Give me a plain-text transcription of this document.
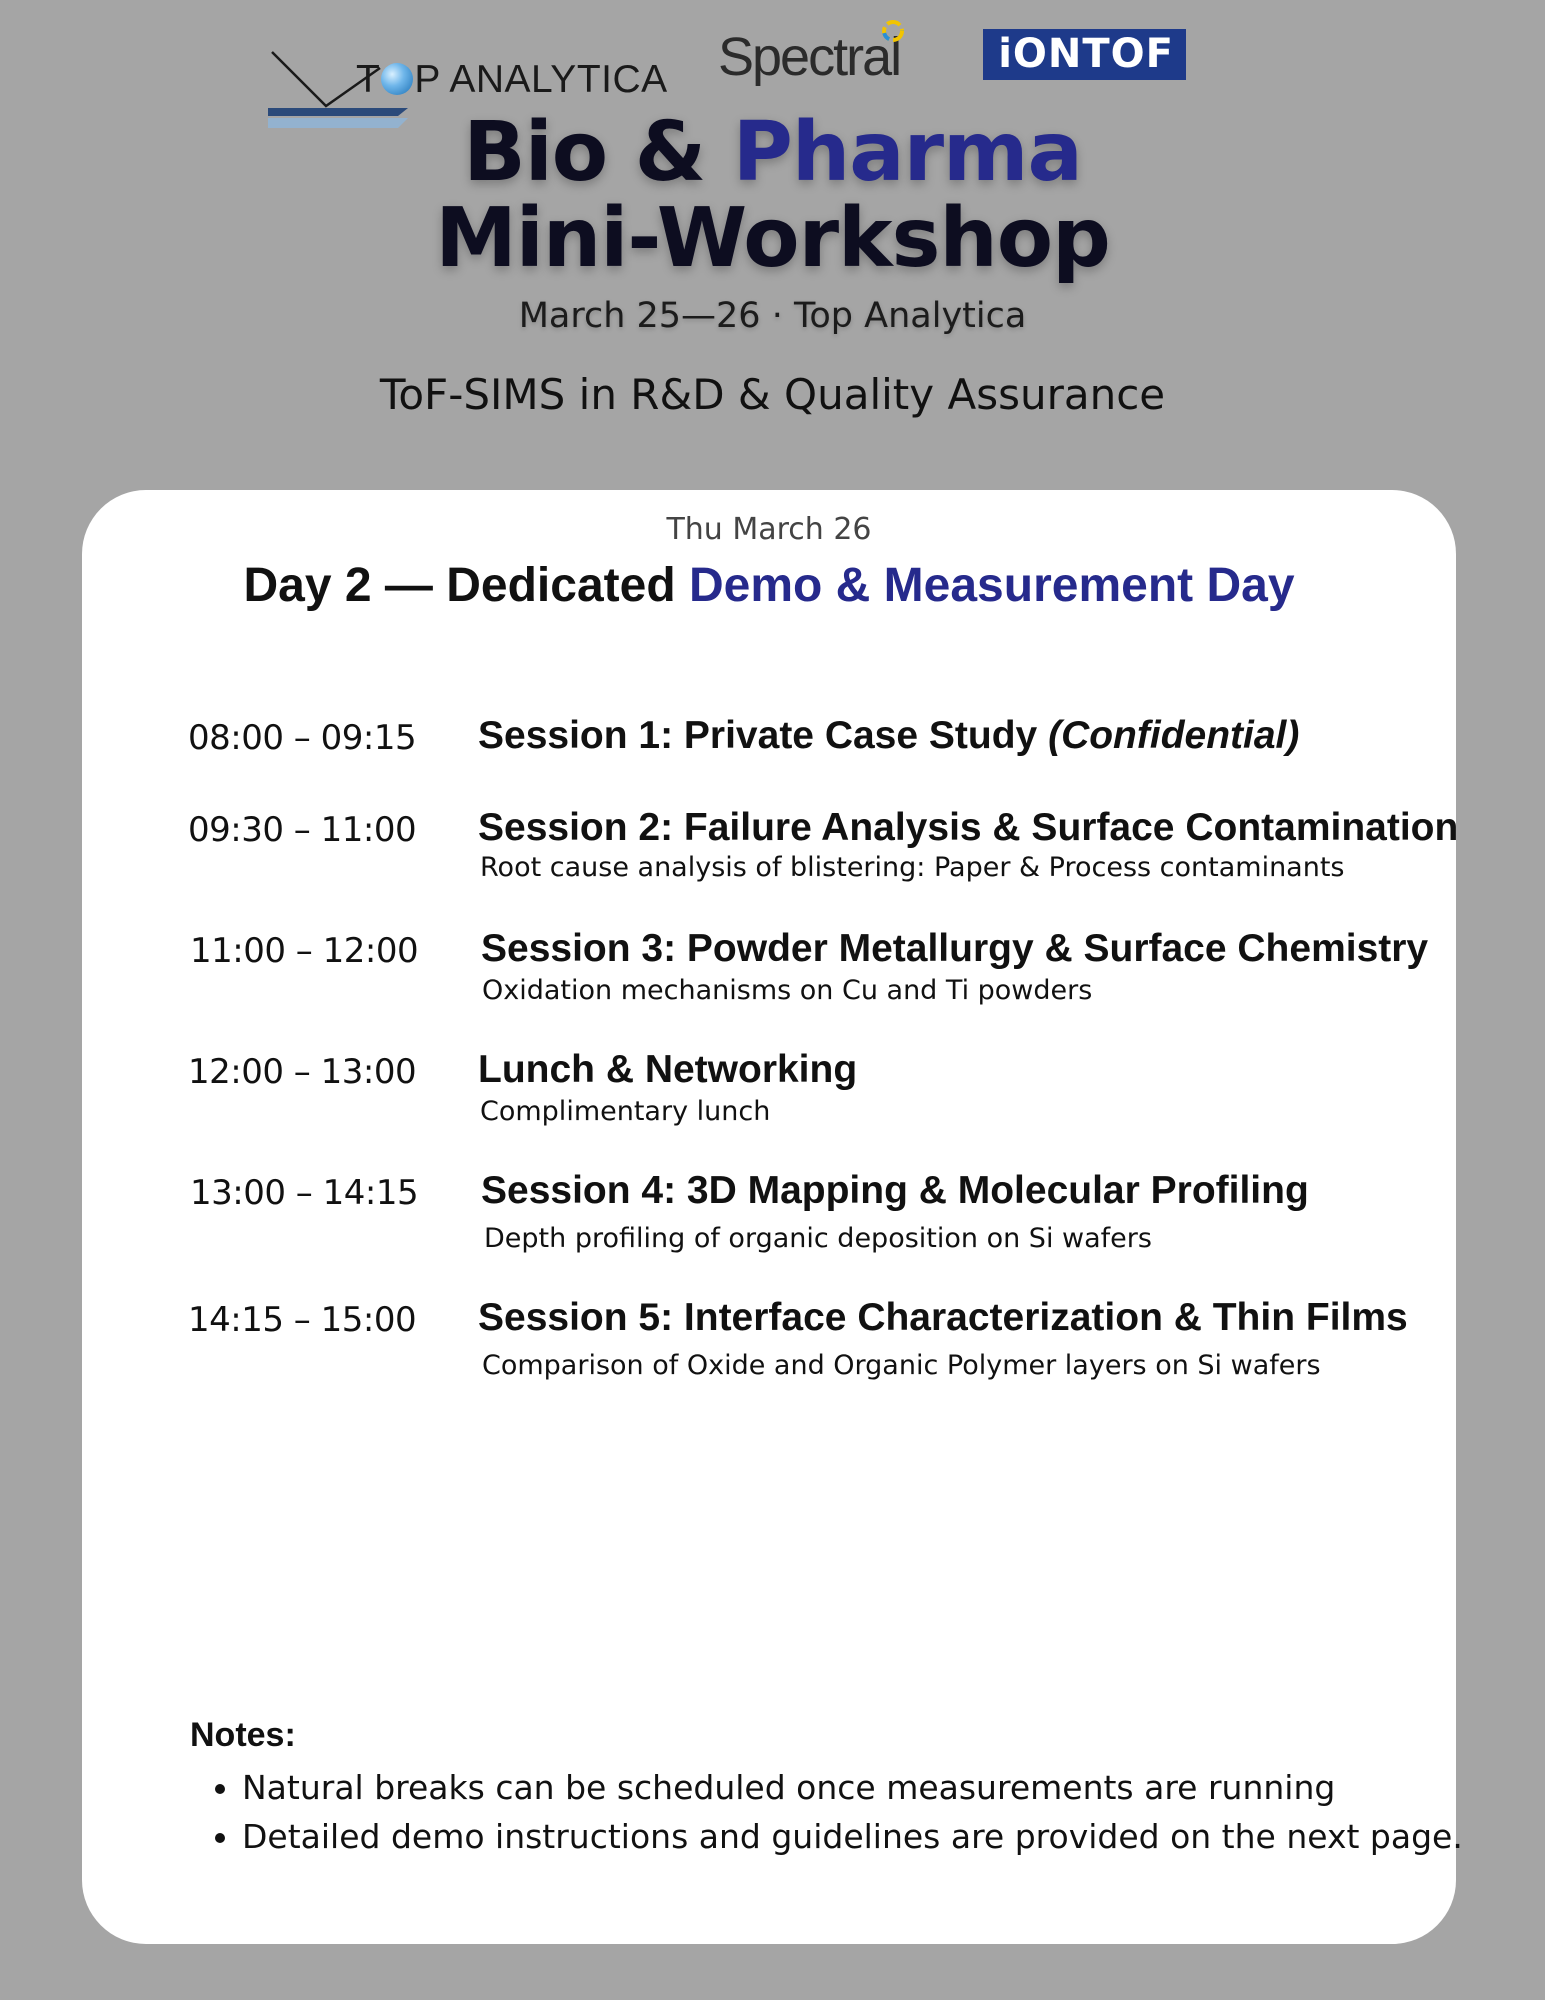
T P ANALYTICA Spectral	iONTOF
Bio & Pharma
Mini-Workshop
March 25—26 · Top Analytica
ToF-SIMS in R&D & Quality Assurance
Thu March 26
Day 2 — Dedicated Demo & Measurement Day
08:00 – 09:15 Session 1: Private Case Study (Confidential)
09:30 – 11:00 Session 2: Failure Analysis & Surface Contamination
Root cause analysis of blistering: Paper & Process contaminants
11:00 – 12:00 Session 3: Powder Metallurgy & Surface Chemistry
Oxidation mechanisms on Cu and Ti powders
12:00 – 13:00 Lunch & Networking
Complimentary lunch
13:00 – 14:15 Session 4: 3D Mapping & Molecular Profiling
Depth profiling of organic deposition on Si wafers
14:15 – 15:00 Session 5: Interface Characterization & Thin Films
Comparison of Oxide and Organic Polymer layers on Si wafers
Notes:
• Natural breaks can be scheduled once measurements are running
• Detailed demo instructions and guidelines are provided on the next page.
